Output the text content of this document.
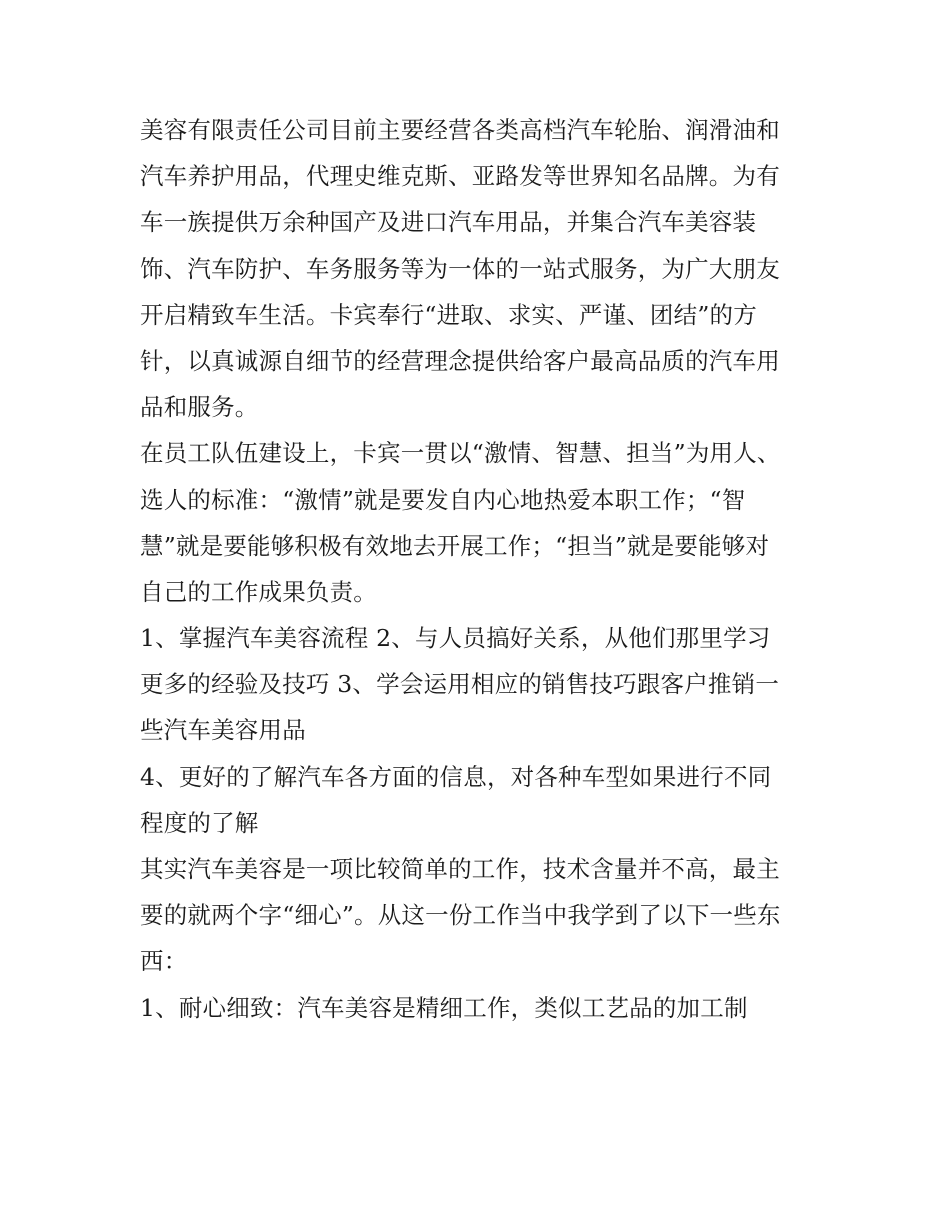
美容有限责任公司目前主要经营各类高档汽车轮胎、润滑油和
汽车养护用品，代理史维克斯、亚路发等世界知名品牌。为有
车一族提供万余种国产及进口汽车用品，并集合汽车美容装
饰、汽车防护、车务服务等为一体的一站式服务，为广大朋友
开启精致车生活。卡宾奉行“进取、求实、严谨、团结”的方
针，以真诚源自细节的经营理念提供给客户最高品质的汽车用
品和服务。
在员工队伍建设上，卡宾一贯以“激情、智慧、担当”为用人、
选人的标准：“激情”就是要发自内心地热爱本职工作；“智
慧”就是要能够积极有效地去开展工作；“担当”就是要能够对
自己的工作成果负责。
1、掌握汽车美容流程 2、与人员搞好关系，从他们那里学习
更多的经验及技巧 3、学会运用相应的销售技巧跟客户推销一
些汽车美容用品
4、更好的了解汽车各方面的信息，对各种车型如果进行不同
程度的了解
其实汽车美容是一项比较简单的工作，技术含量并不高，最主
要的就两个字“细心”。从这一份工作当中我学到了以下一些东
西：
1、耐心细致：汽车美容是精细工作，类似工艺品的加工制
